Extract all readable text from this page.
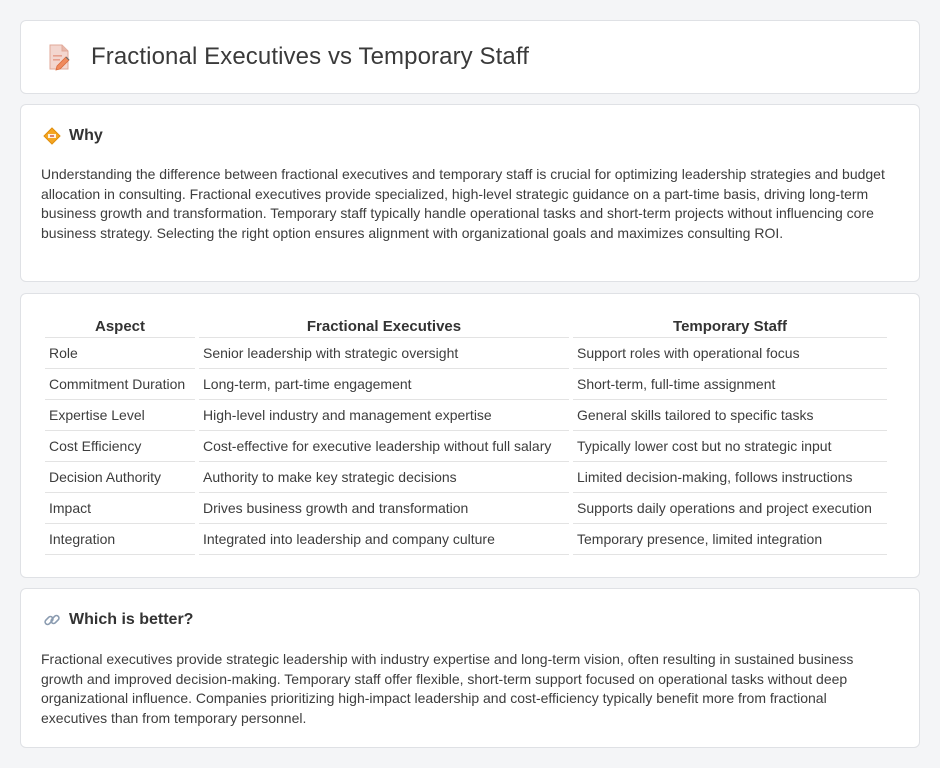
Fractional Executives vs Temporary Staff
Why

Understanding the difference between fractional executives and temporary staff is crucial for optimizing leadership strategies and budget allocation in consulting. Fractional executives provide specialized, high-level strategic guidance on a part-time basis, driving long-term business growth and transformation. Temporary staff typically handle operational tasks and short-term projects without influencing core business strategy. Selecting the right option ensures alignment with organizational goals and maximizes consulting ROI.

Aspect	Fractional Executives	Temporary Staff
Role	Senior leadership with strategic oversight	Support roles with operational focus
Commitment Duration	Long-term, part-time engagement	Short-term, full-time assignment
Expertise Level	High-level industry and management expertise	General skills tailored to specific tasks
Cost Efficiency	Cost-effective for executive leadership without full salary	Typically lower cost but no strategic input
Decision Authority	Authority to make key strategic decisions	Limited decision-making, follows instructions
Impact	Drives business growth and transformation	Supports daily operations and project execution
Integration	Integrated into leadership and company culture	Temporary presence, limited integration
Which is better?

Fractional executives provide strategic leadership with industry expertise and long-term vision, often resulting in sustained business growth and improved decision-making. Temporary staff offer flexible, short-term support focused on operational tasks without deep organizational influence. Companies prioritizing high-impact leadership and cost-efficiency typically benefit more from fractional executives than from temporary personnel.
